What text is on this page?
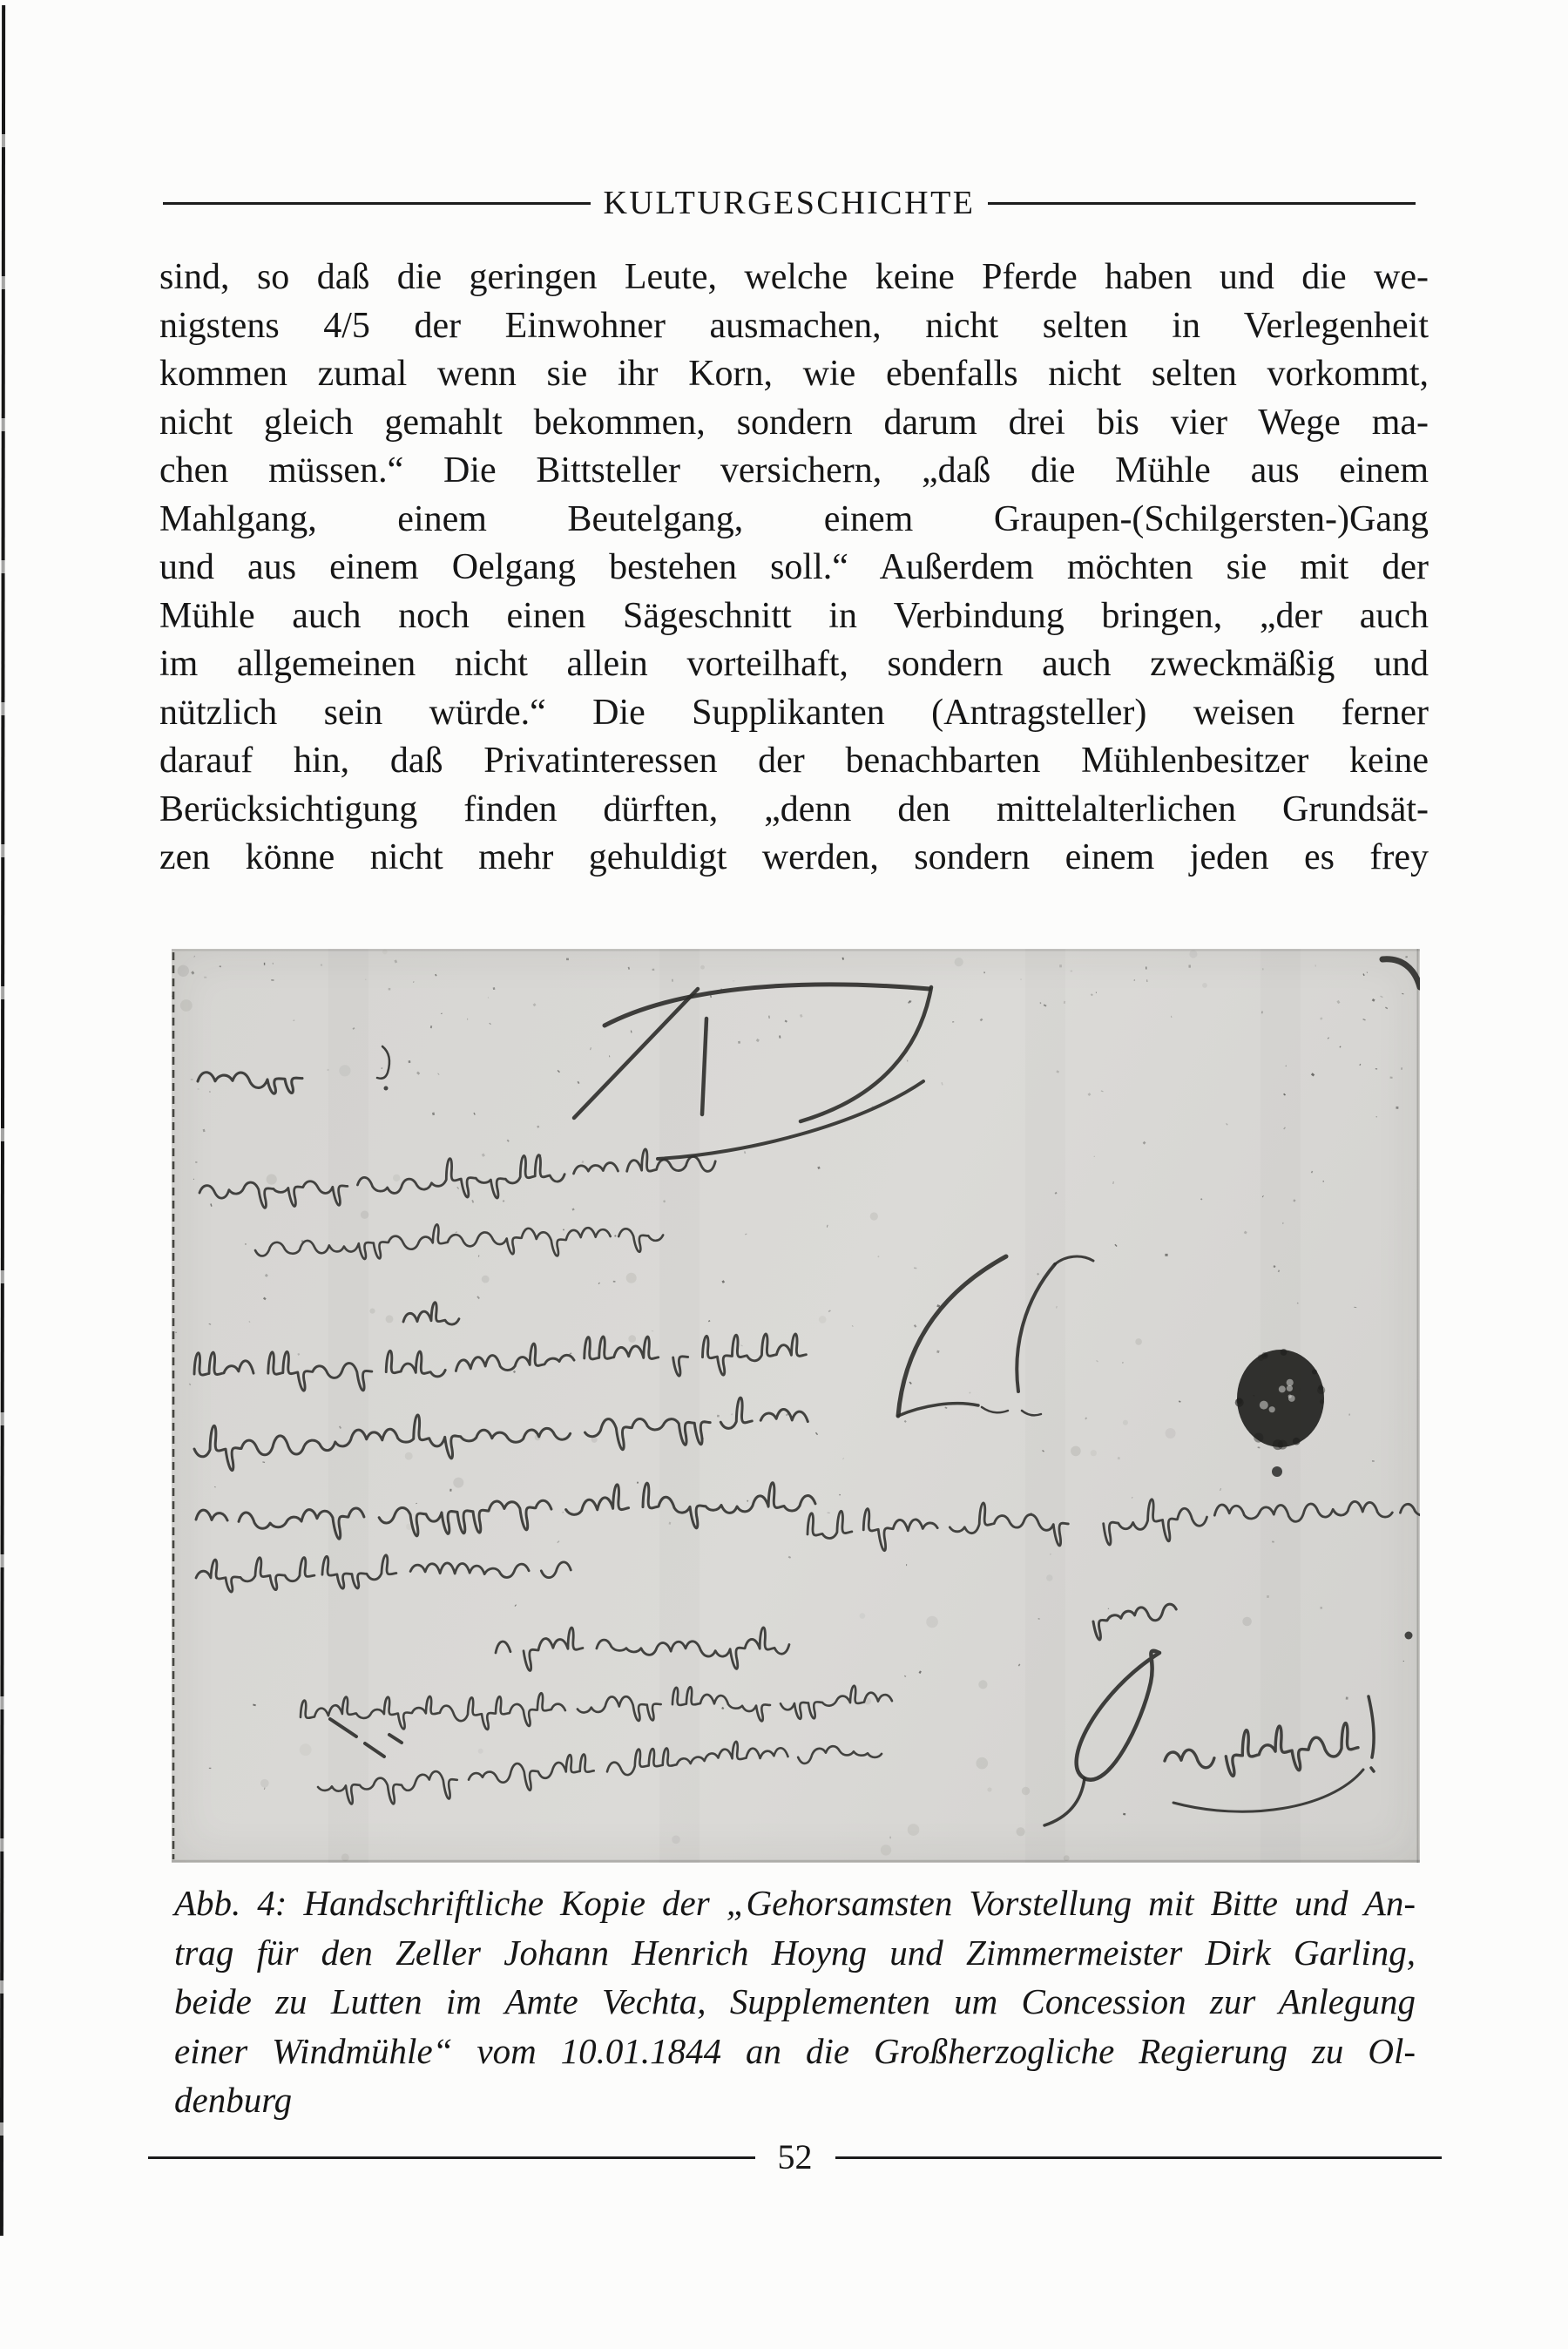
KULTURGESCHICHTE
sind, so daß die geringen Leute, welche keine Pferde haben und die we-
nigstens 4/5 der Einwohner ausmachen, nicht selten in Verlegenheit
kommen zumal wenn sie ihr Korn, wie ebenfalls nicht selten vorkommt,
nicht gleich gemahlt bekommen, sondern darum drei bis vier Wege ma-
chen müssen.“ Die Bittsteller versichern, „daß die Mühle aus einem
Mahlgang, einem Beutelgang, einem Graupen-(Schilgersten-)Gang
und aus einem Oelgang bestehen soll.“ Außerdem möchten sie mit der
Mühle auch noch einen Sägeschnitt in Verbindung bringen, „der auch
im allgemeinen nicht allein vorteilhaft, sondern auch zweckmäßig und
nützlich sein würde.“ Die Supplikanten (Antragsteller) weisen ferner
darauf hin, daß Privatinteressen der benachbarten Mühlenbesitzer keine
Berücksichtigung finden dürften, „denn den mittelalterlichen Grundsät-
zen könne nicht mehr gehuldigt werden, sondern einem jeden es frey
Abb. 4: Handschriftliche Kopie der „Gehorsamsten Vorstellung mit Bitte und An-
trag für den Zeller Johann Henrich Hoyng und Zimmermeister Dirk Garling,
beide zu Lutten im Amte Vechta, Supplementen um Concession zur Anlegung
einer Windmühle“ vom 10.01.1844 an die Großherzogliche Regierung zu Ol-
denburg
52
